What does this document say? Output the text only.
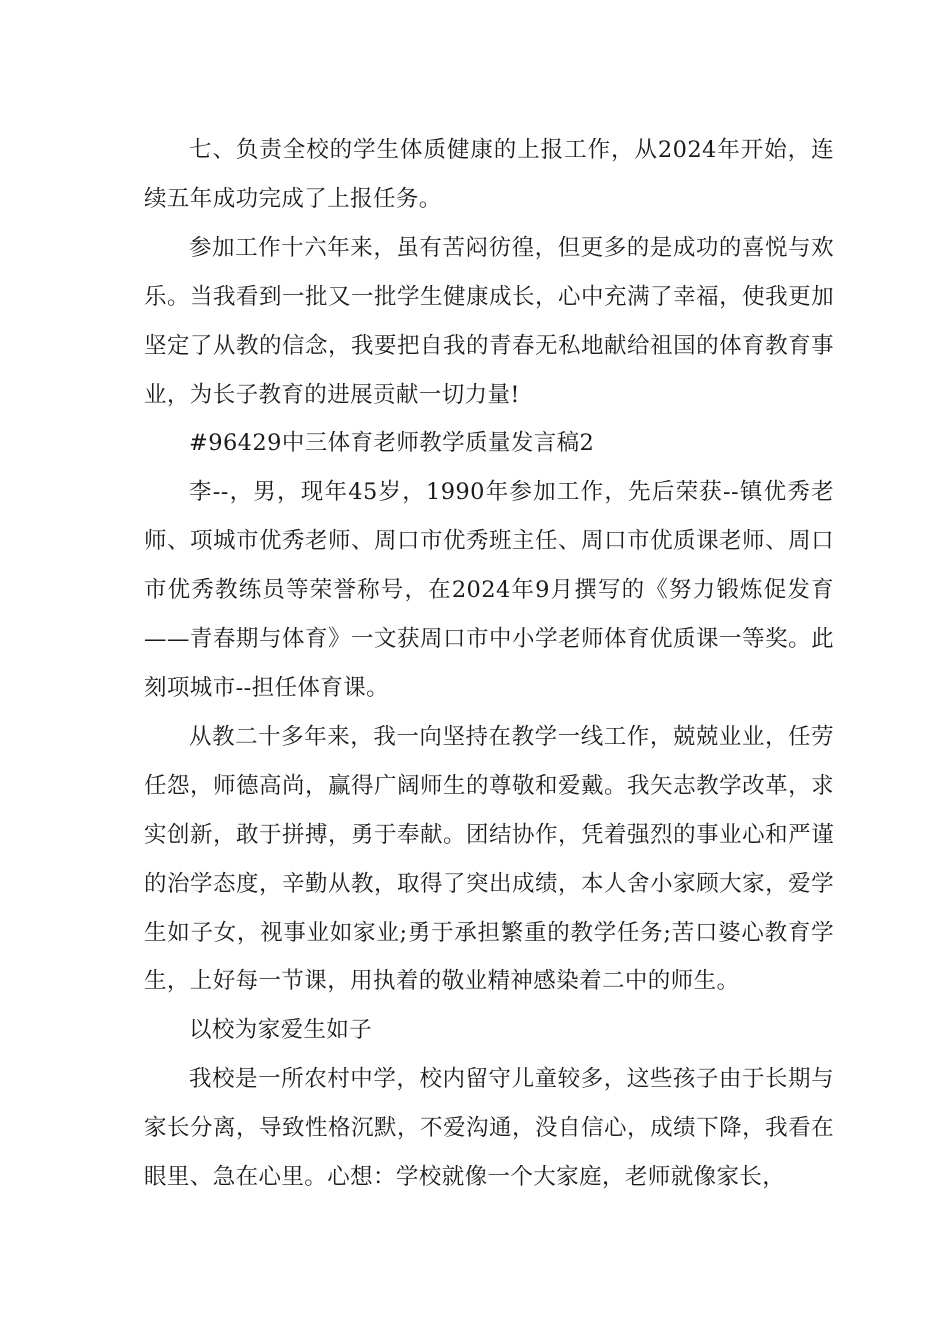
七、负责全校的学生体质健康的上报工作，从2024年开始，连续五年成功完成了上报任务。

参加工作十六年来，虽有苦闷彷徨，但更多的是成功的喜悦与欢乐。当我看到一批又一批学生健康成长，心中充满了幸福，使我更加坚定了从教的信念，我要把自我的青春无私地献给祖国的体育教育事业，为长子教育的进展贡献一切力量!

#96429中三体育老师教学质量发言稿2

李--，男，现年45岁，1990年参加工作，先后荣获--镇优秀老师、项城市优秀老师、周口市优秀班主任、周口市优质课老师、周口市优秀教练员等荣誉称号，在2024年9月撰写的《努力锻炼促发育——青春期与体育》一文获周口市中小学老师体育优质课一等奖。此刻项城市--担任体育课。

从教二十多年来，我一向坚持在教学一线工作，兢兢业业，任劳任怨，师德高尚，赢得广阔师生的尊敬和爱戴。我矢志教学改革，求实创新，敢于拼搏，勇于奉献。团结协作，凭着强烈的事业心和严谨的治学态度，辛勤从教，取得了突出成绩，本人舍小家顾大家，爱学生如子女，视事业如家业;勇于承担繁重的教学任务;苦口婆心教育学生，上好每一节课，用执着的敬业精神感染着二中的师生。

以校为家爱生如子

我校是一所农村中学，校内留守儿童较多，这些孩子由于长期与家长分离，导致性格沉默，不爱沟通，没自信心，成绩下降，我看在眼里、急在心里。心想：学校就像一个大家庭，老师就像家长，
